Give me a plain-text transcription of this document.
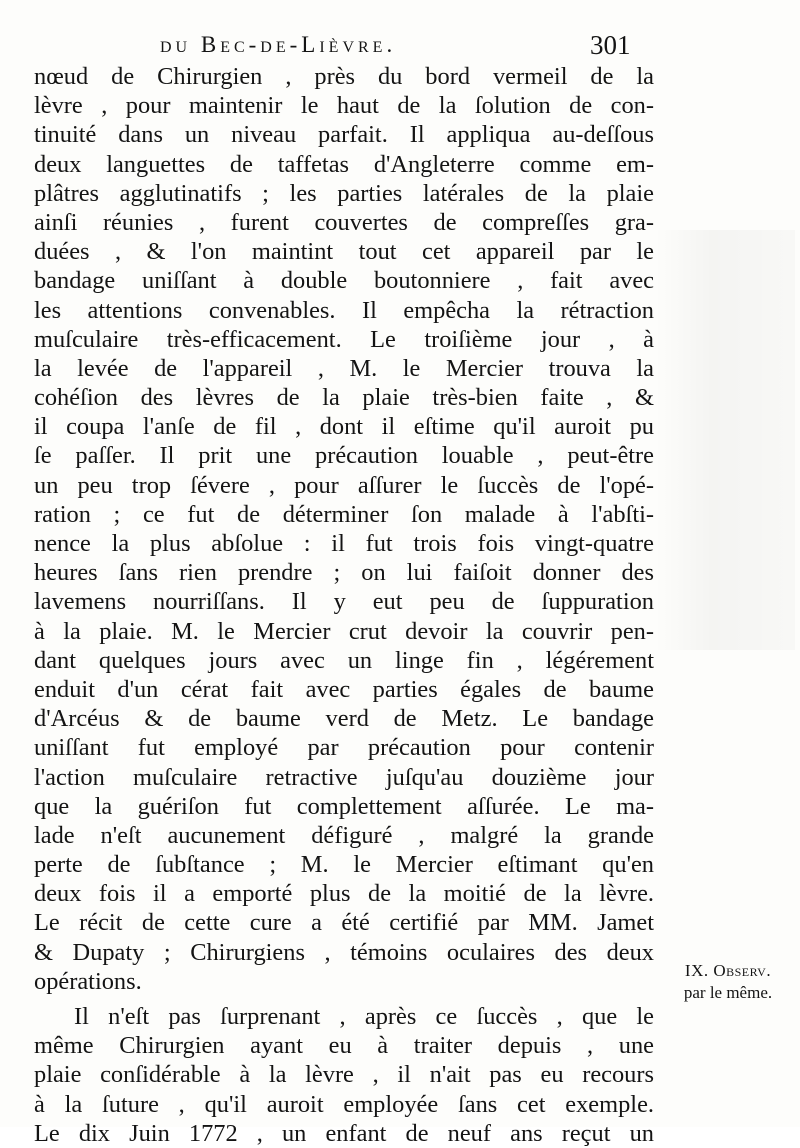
du Bec-de-Lièvre.	301
nœud de Chirurgien , près du bord vermeil de la
lèvre , pour maintenir le haut de la ſolution de con-
tinuité dans un niveau parfait. Il appliqua au-deſſous
deux languettes de taffetas d'Angleterre comme em-
plâtres agglutinatifs ; les parties latérales de la plaie
ainſi réunies , furent couvertes de compreſſes gra-
duées , & l'on maintint tout cet appareil par le
bandage uniſſant à double boutonniere , fait avec
les attentions convenables. Il empêcha la rétraction
muſculaire très-efficacement. Le troiſième jour , à
la levée de l'appareil , M. le Mercier trouva la
cohéſion des lèvres de la plaie très-bien faite , &
il coupa l'anſe de fil , dont il eſtime qu'il auroit pu
ſe paſſer. Il prit une précaution louable , peut-être
un peu trop ſévere , pour aſſurer le ſuccès de l'opé-
ration ; ce fut de déterminer ſon malade à l'abſti-
nence la plus abſolue : il fut trois fois vingt-quatre
heures ſans rien prendre ; on lui faiſoit donner des
lavemens nourriſſans. Il y eut peu de ſuppuration
à la plaie. M. le Mercier crut devoir la couvrir pen-
dant quelques jours avec un linge fin , légérement
enduit d'un cérat fait avec parties égales de baume
d'Arcéus & de baume verd de Metz. Le bandage
uniſſant fut employé par précaution pour contenir
l'action muſculaire retractive juſqu'au douzième jour
que la guériſon fut complettement aſſurée. Le ma-
lade n'eſt aucunement défiguré , malgré la grande
perte de ſubſtance ; M. le Mercier eſtimant qu'en
deux fois il a emporté plus de la moitié de la lèvre.
Le récit de cette cure a été certifié par MM. Jamet
& Dupaty ; Chirurgiens , témoins oculaires des deux
opérations.
Il n'eſt pas ſurprenant , après ce ſuccès , que le
même Chirurgien ayant eu à traiter depuis , une
plaie conſidérable à la lèvre , il n'ait pas eu recours
à la ſuture , qu'il auroit employée ſans cet exemple.
Le dix Juin 1772 , un enfant de neuf ans reçut un
IX. Observ.
par le même.
